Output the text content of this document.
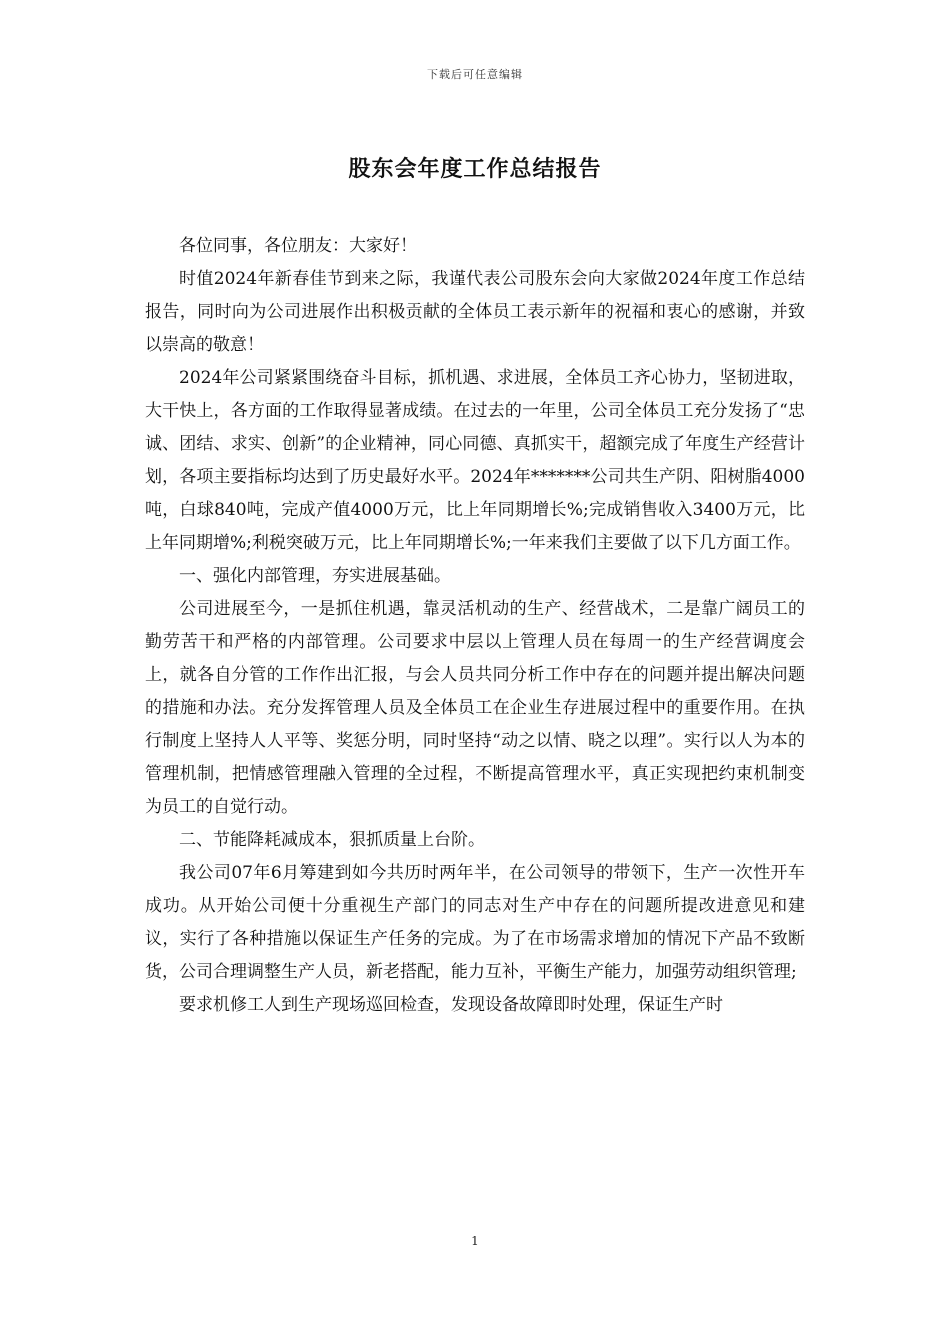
下载后可任意编辑
股东会年度工作总结报告

各位同事，各位朋友：大家好！

时值2024年新春佳节到来之际，我谨代表公司股东会向大家做2024年度工作总结报告，同时向为公司进展作出积极贡献的全体员工表示新年的祝福和衷心的感谢，并致以崇高的敬意！

2024年公司紧紧围绕奋斗目标，抓机遇、求进展，全体员工齐心协力，坚韧进取，大干快上，各方面的工作取得显著成绩。在过去的一年里，公司全体员工充分发扬了“忠诚、团结、求实、创新”的企业精神，同心同德、真抓实干，超额完成了年度生产经营计划，各项主要指标均达到了历史最好水平。2024年*******公司共生产阴、阳树脂4000吨，白球840吨，完成产值4000万元，比上年同期增长%;完成销售收入3400万元，比上年同期增%;利税突破万元，比上年同期增长%;一年来我们主要做了以下几方面工作。

一、强化内部管理，夯实进展基础。

公司进展至今，一是抓住机遇，靠灵活机动的生产、经营战术，二是靠广阔员工的勤劳苦干和严格的内部管理。公司要求中层以上管理人员在每周一的生产经营调度会上，就各自分管的工作作出汇报，与会人员共同分析工作中存在的问题并提出解决问题的措施和办法。充分发挥管理人员及全体员工在企业生存进展过程中的重要作用。在执行制度上坚持人人平等、奖惩分明，同时坚持“动之以情、晓之以理”。实行以人为本的管理机制，把情感管理融入管理的全过程，不断提高管理水平，真正实现把约束机制变为员工的自觉行动。

二、节能降耗减成本，狠抓质量上台阶。

我公司07年6月筹建到如今共历时两年半，在公司领导的带领下，生产一次性开车成功。从开始公司便十分重视生产部门的同志对生产中存在的问题所提改进意见和建议，实行了各种措施以保证生产任务的完成。为了在市场需求增加的情况下产品不致断货，公司合理调整生产人员，新老搭配，能力互补，平衡生产能力，加强劳动组织管理;

要求机修工人到生产现场巡回检查，发现设备故障即时处理，保证生产时

1
